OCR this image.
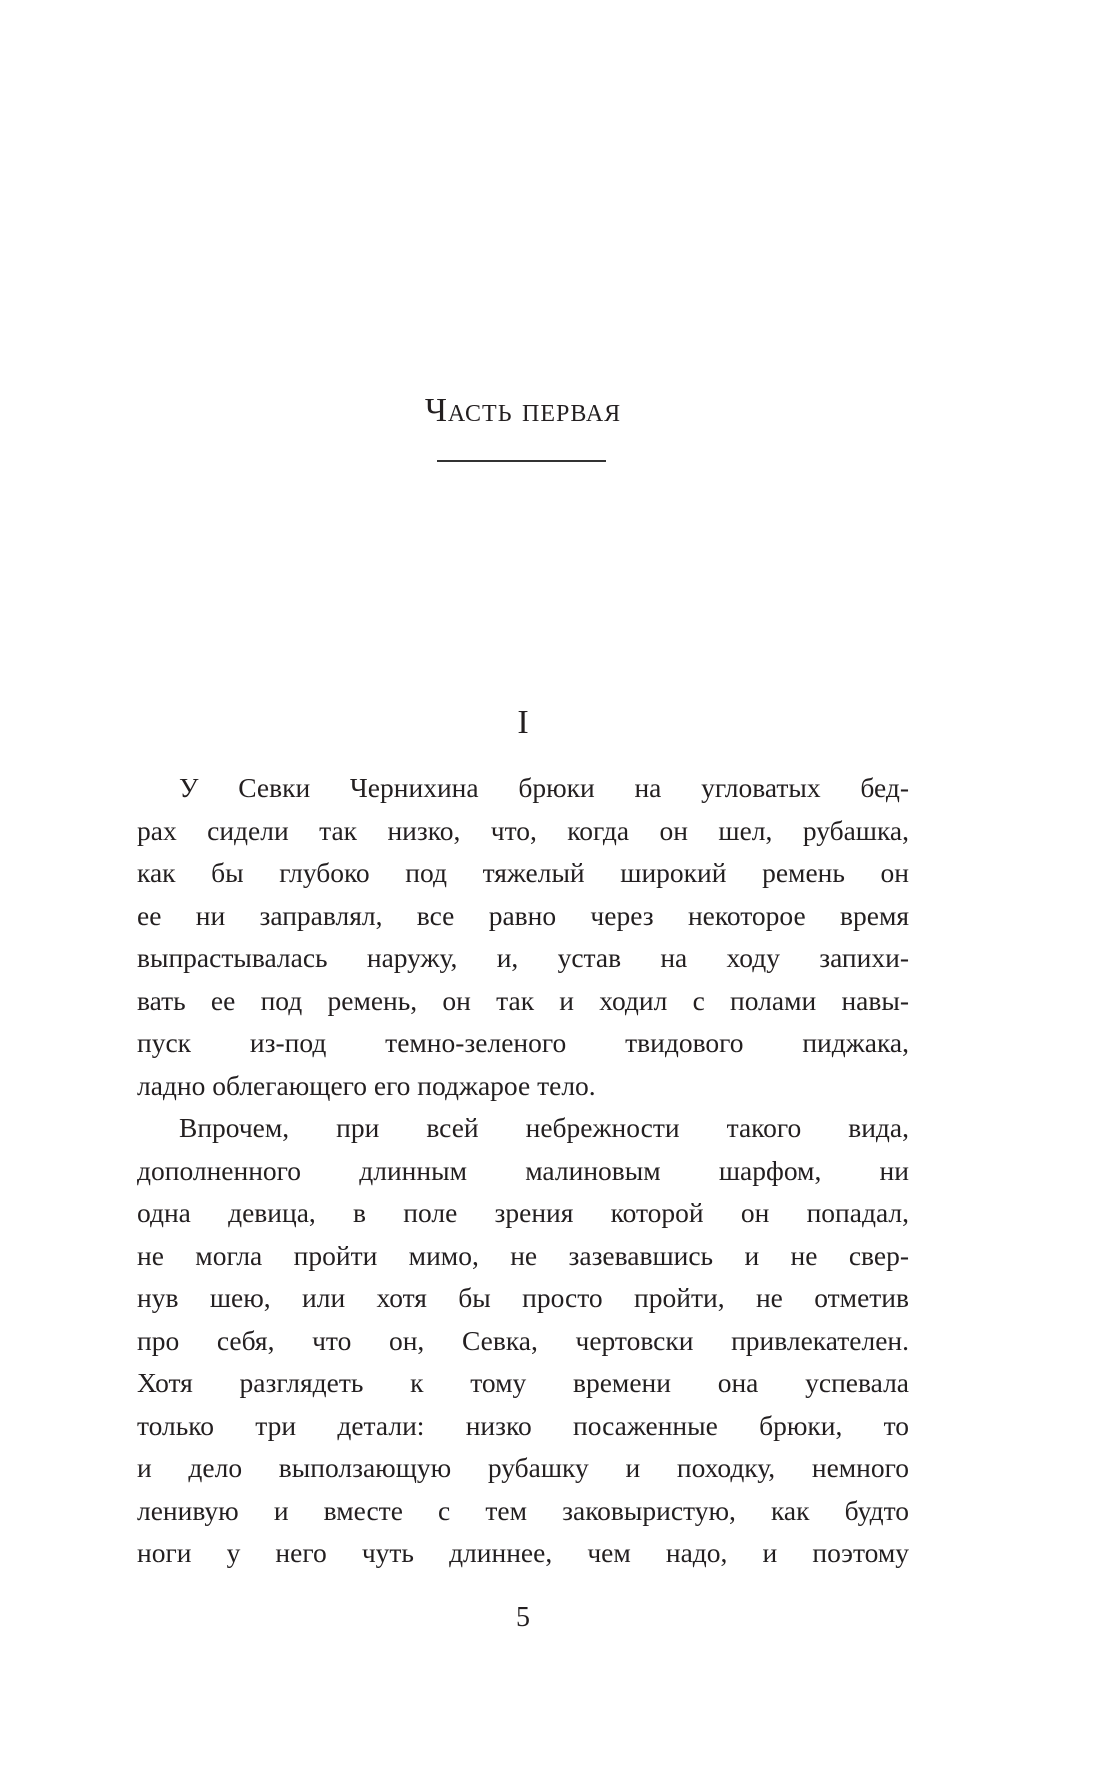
Часть первая
I
У Севки Чернихина брюки на угловатых бед-
рах сидели так низко, что, когда он шел, рубашка,
как бы глубоко под тяжелый широкий ремень он
ее ни заправлял, все равно через некоторое время
выпрастывалась наружу, и, устав на ходу запихи-
вать ее под ремень, он так и ходил с полами навы-
пуск из-под темно-зеленого твидового пиджака,
ладно облегающего его поджарое тело.
Впрочем, при всей небрежности такого вида,
дополненного длинным малиновым шарфом, ни
одна девица, в поле зрения которой он попадал,
не могла пройти мимо, не зазевавшись и не свер-
нув шею, или хотя бы просто пройти, не отметив
про себя, что он, Севка, чертовски привлекателен.
Хотя разглядеть к тому времени она успевала
только три детали: низко посаженные брюки, то
и дело выползающую рубашку и походку, немного
ленивую и вместе с тем заковыристую, как будто
ноги у него чуть длиннее, чем надо, и поэтому
5
